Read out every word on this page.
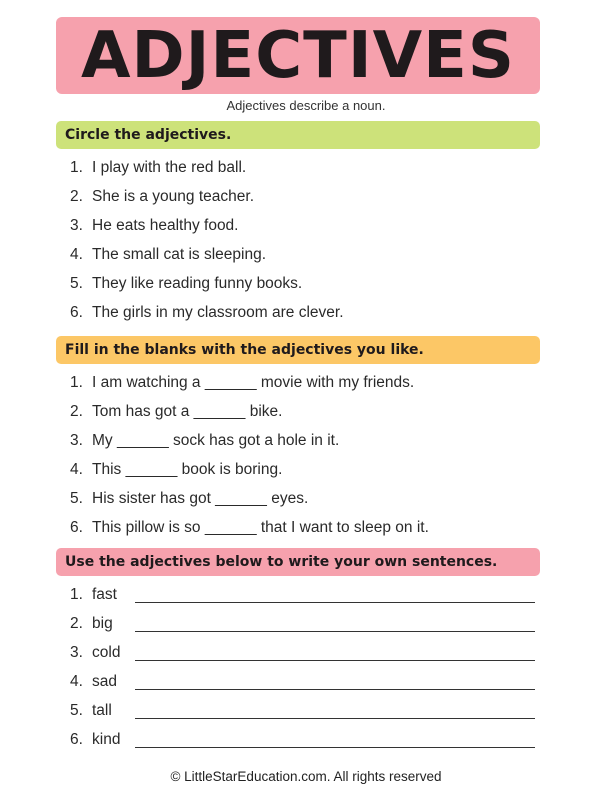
ADJECTIVES
Adjectives describe a noun.
Circle the adjectives.
1. I play with the red ball.
2. She is a young teacher.
3. He eats healthy food.
4. The small cat is sleeping.
5. They like reading funny books.
6. The girls in my classroom are clever.
Fill in the blanks with the adjectives you like.
1. I am watching a ______ movie with my friends.
2. Tom has got a ______ bike.
3. My ______ sock has got a hole in it.
4. This ______ book is boring.
5. His sister has got ______ eyes.
6. This pillow is so ______ that I want to sleep on it.
Use the adjectives below to write your own sentences.
1. fast
2. big
3. cold
4. sad
5. tall
6. kind
© LittleStarEducation.com. All rights reserved
